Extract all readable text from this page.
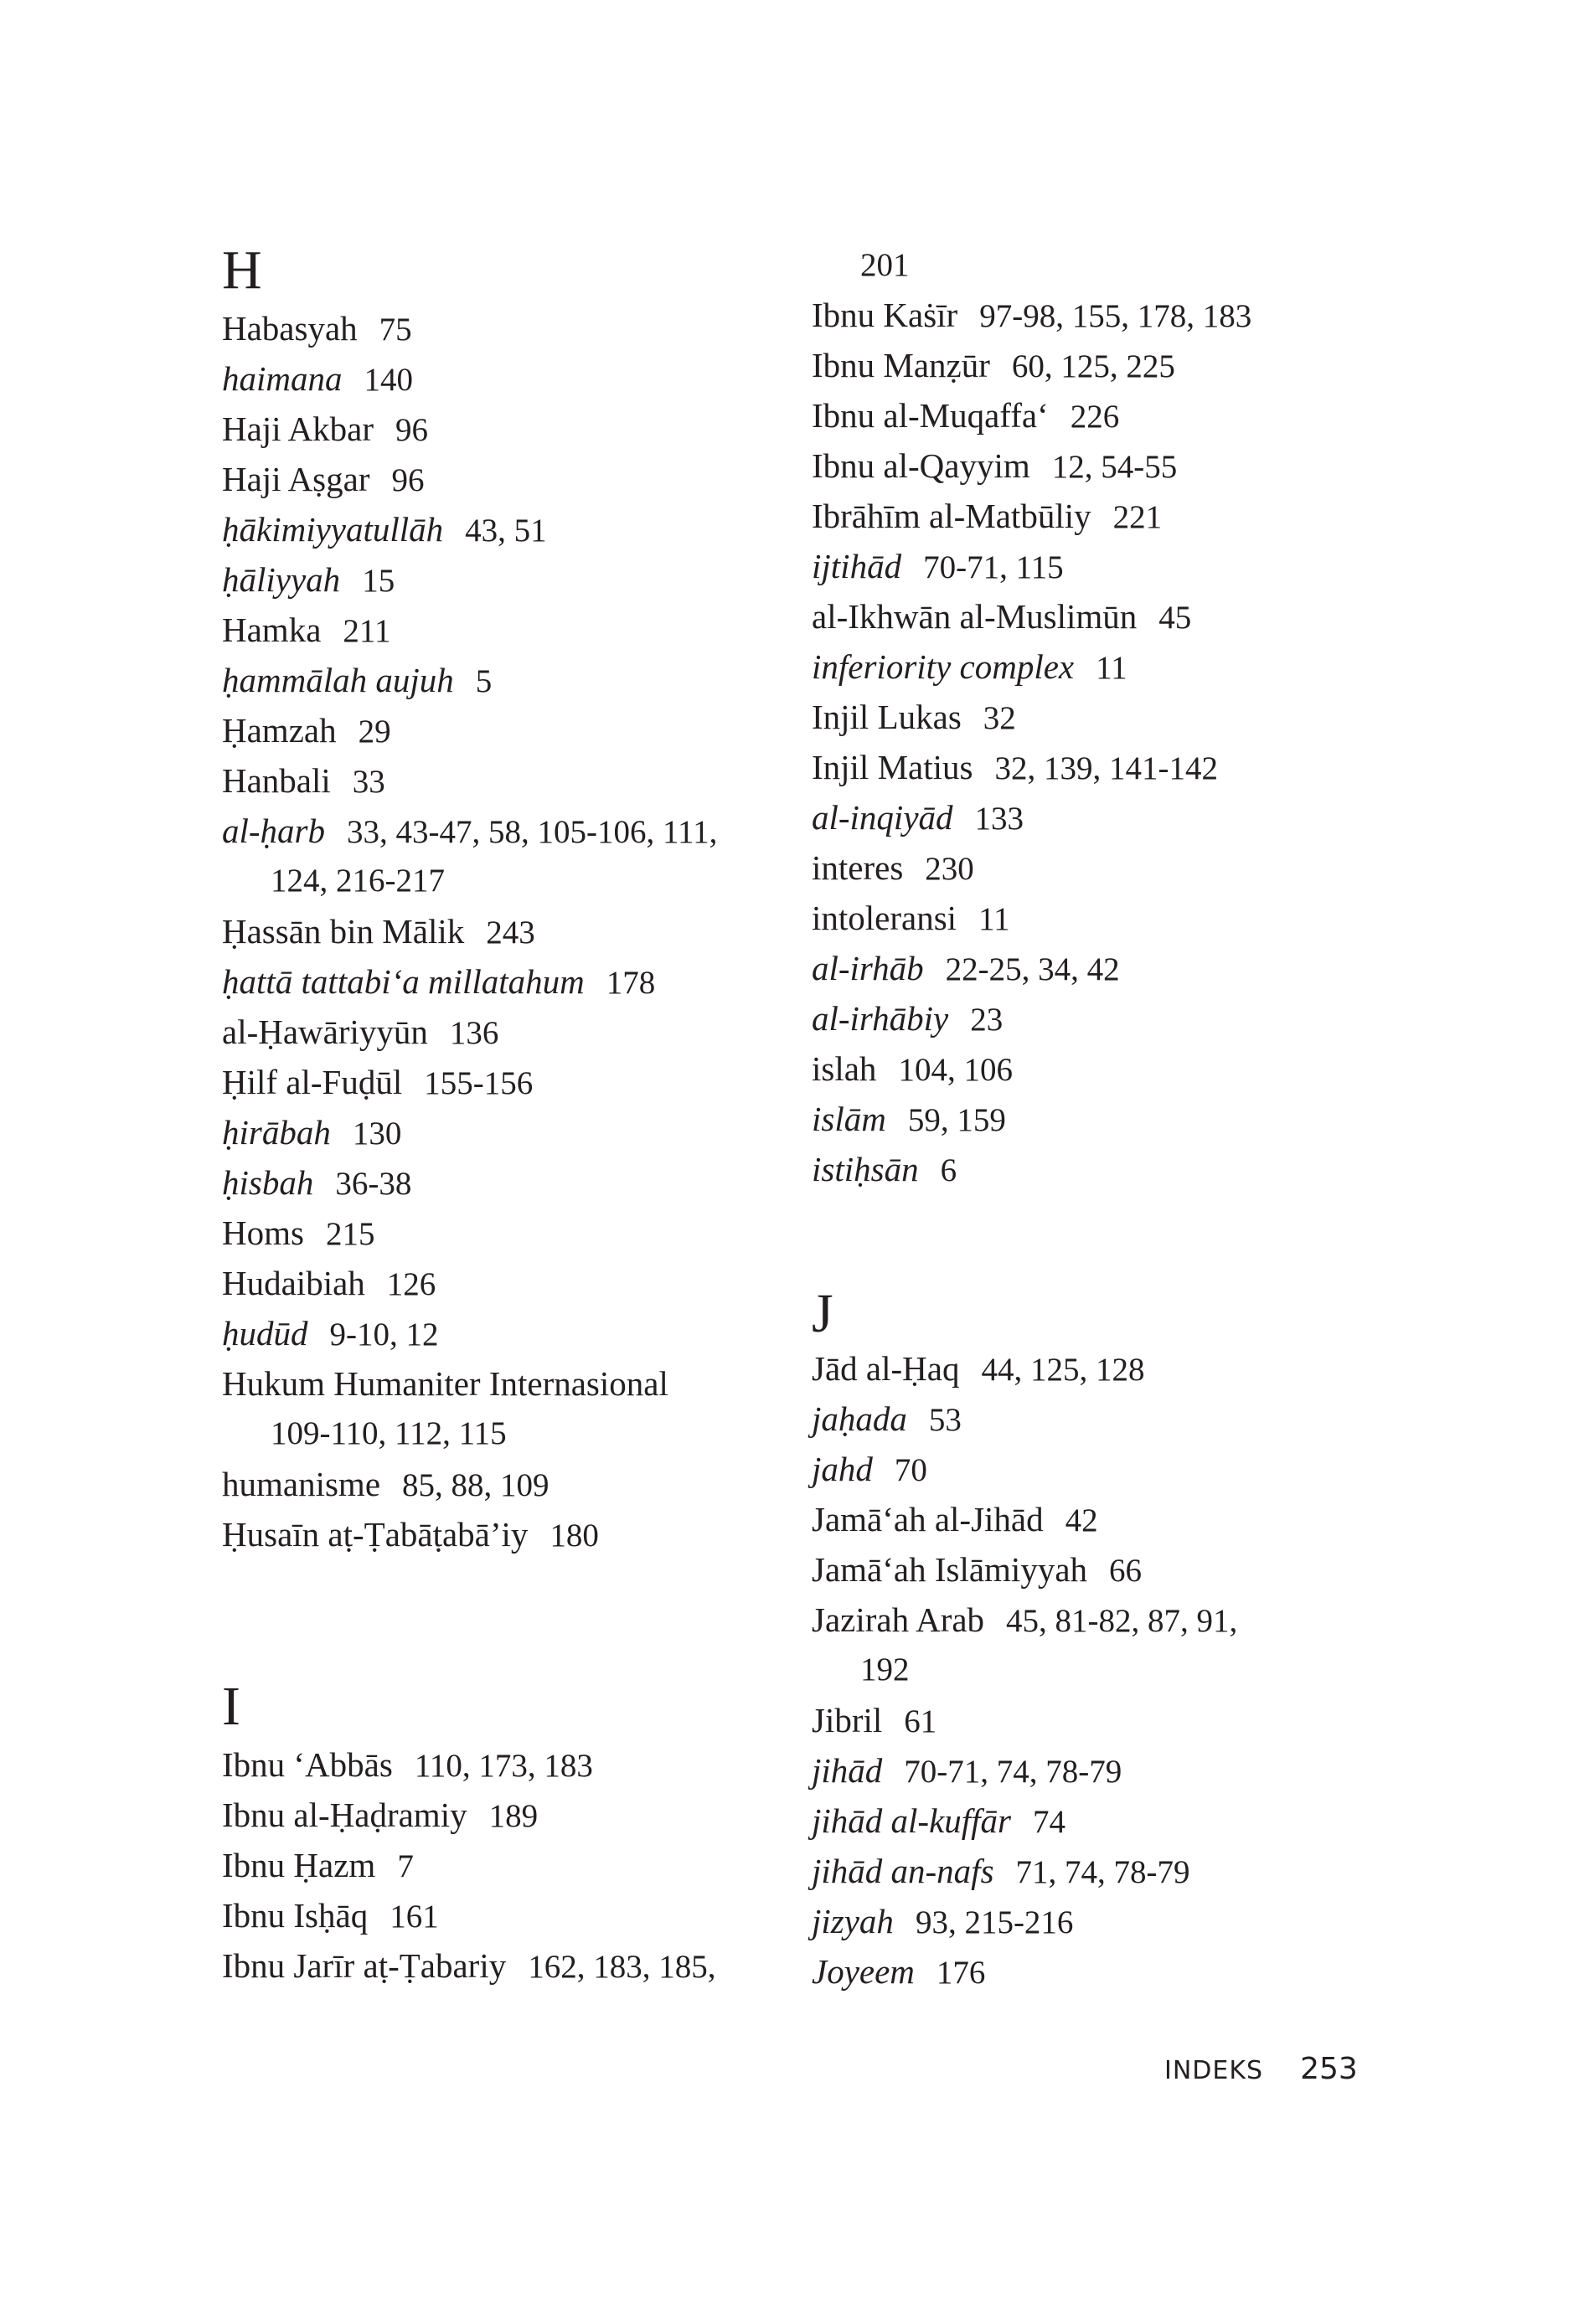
H
Habasyah 75
haimana 140
Haji Akbar 96
Haji Aṣgar 96
ḥākimiyyatullāh 43, 51
ḥāliyyah 15
Hamka 211
ḥammālah aujuh 5
Ḥamzah 29
Hanbali 33
al-ḥarb 33, 43-47, 58, 105-106, 111,
124, 216-217
Ḥassān bin Mālik 243
ḥattā tattabi‘a millatahum 178
al-Ḥawāriyyūn 136
Ḥilf al-Fuḍūl 155-156
ḥirābah 130
ḥisbah 36-38
Homs 215
Hudaibiah 126
ḥudūd 9-10, 12
Hukum Humaniter Internasional
109-110, 112, 115
humanisme 85, 88, 109
Ḥusaīn aṭ-Ṭabāṭabā’iy 180
I
Ibnu ‘Abbās 110, 173, 183
Ibnu al-Ḥaḍramiy 189
Ibnu Ḥazm 7
Ibnu Isḥāq 161
Ibnu Jarīr aṭ-Ṭabariy 162, 183, 185,
201
Ibnu Kaṡīr 97-98, 155, 178, 183
Ibnu Manẓūr 60, 125, 225
Ibnu al-Muqaffa‘ 226
Ibnu al-Qayyim 12, 54-55
Ibrāhīm al-Matbūliy 221
ijtihād 70-71, 115
al-Ikhwān al-Muslimūn 45
inferiority complex 11
Injil Lukas 32
Injil Matius 32, 139, 141-142
al-inqiyād 133
interes 230
intoleransi 11
al-irhāb 22-25, 34, 42
al-irhābiy 23
islah 104, 106
islām 59, 159
istiḥsān 6
J
Jād al-Ḥaq 44, 125, 128
jaḥada 53
jahd 70
Jamā‘ah al-Jihād 42
Jamā‘ah Islāmiyyah 66
Jazirah Arab 45, 81-82, 87, 91,
192
Jibril 61
jihād 70-71, 74, 78-79
jihād al-kuffār 74
jihād an-nafs 71, 74, 78-79
jizyah 93, 215-216
Joyeem 176
INDEKS 253
